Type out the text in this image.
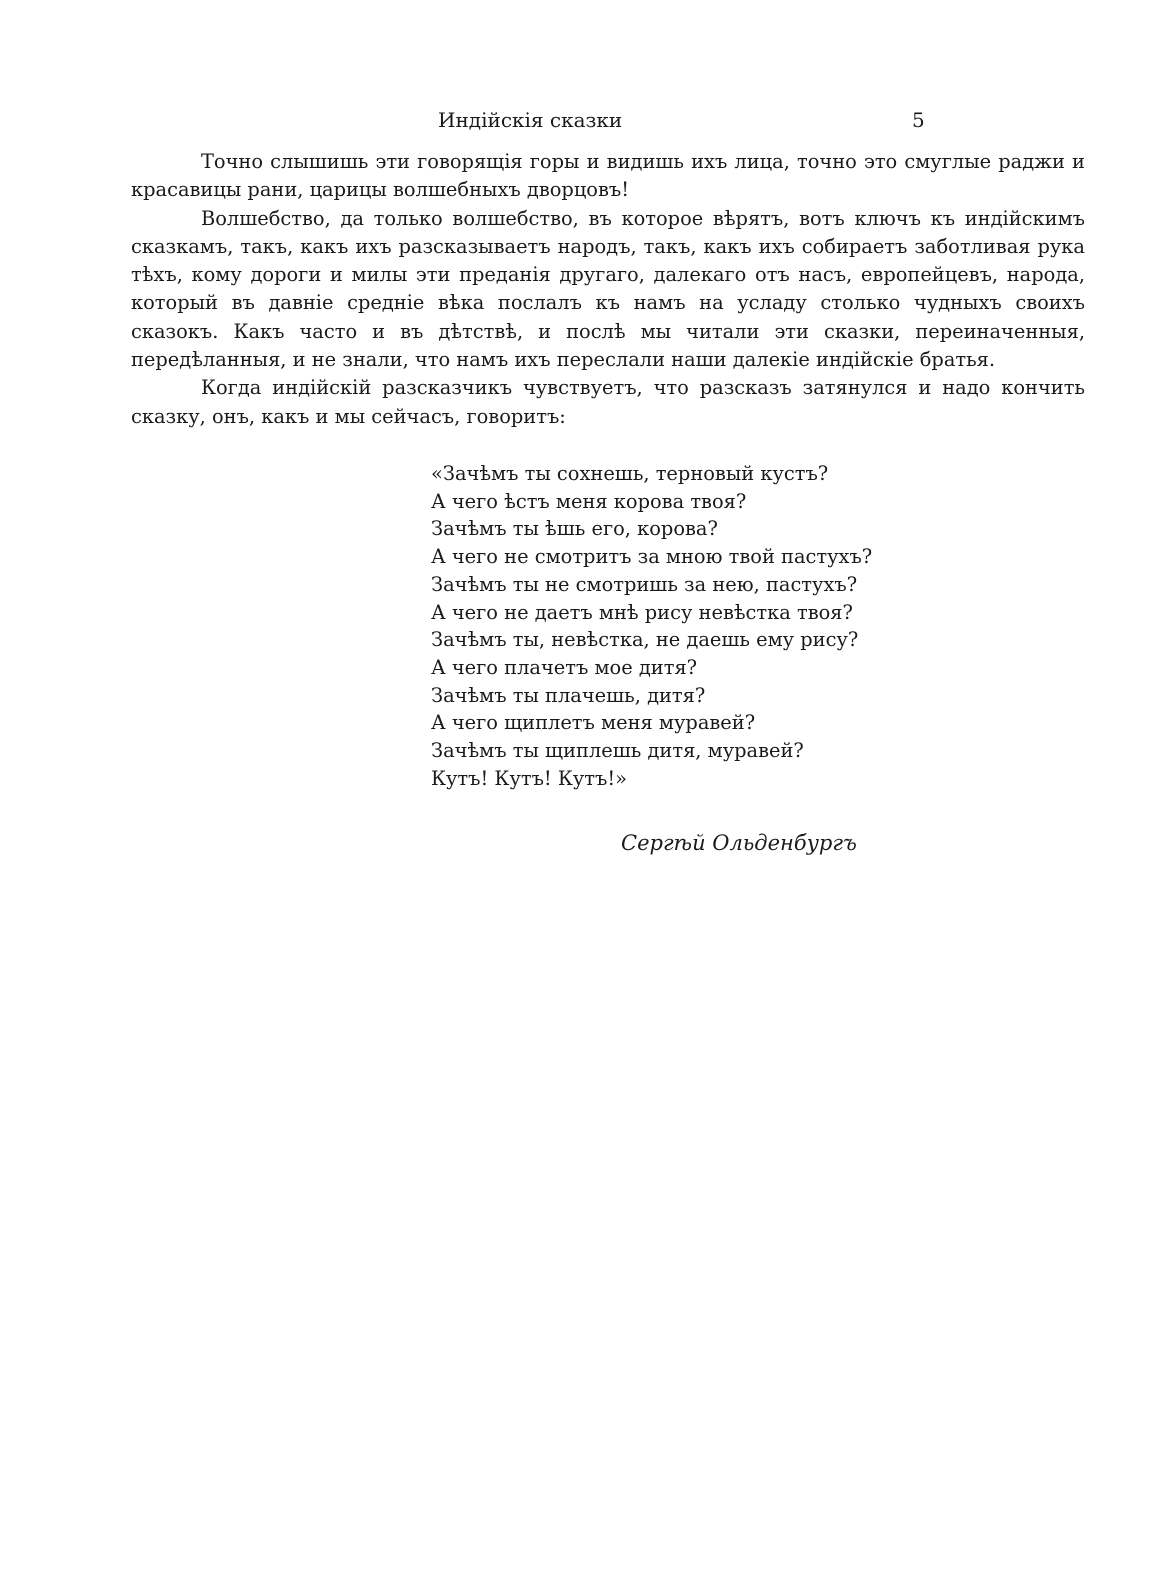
Индійскія сказки	5

Точно слышишь эти говорящія горы и видишь ихъ лица, точно это смуглые раджи и красавицы рани, царицы волшебныхъ дворцовъ!

Волшебство, да только волшебство, въ которое вѣрятъ, вотъ ключъ къ индійскимъ сказкамъ, такъ, какъ ихъ разсказываетъ народъ, такъ, какъ ихъ собираетъ заботливая рука тѣхъ, кому дороги и милы эти преданія другаго, далекаго отъ насъ, европейцевъ, народа, который въ давніе средніе вѣка послалъ къ намъ на усладу столько чудныхъ своихъ сказокъ. Какъ часто и въ дѣтствѣ, и послѣ мы читали эти сказки, переиначенныя, передѣланныя, и не знали, что намъ ихъ переслали наши далекіе индійскіе братья.

Когда индійскій разсказчикъ чувствуетъ, что разсказъ затянулся и надо кончить сказку, онъ, какъ и мы сейчасъ, говоритъ:

«Зачѣмъ ты сохнешь, терновый кустъ?
А чего ѣстъ меня корова твоя?
Зачѣмъ ты ѣшь его, корова?
А чего не смотритъ за мною твой пастухъ?
Зачѣмъ ты не смотришь за нею, пастухъ?
А чего не даетъ мнѣ рису невѣстка твоя?
Зачѣмъ ты, невѣстка, не даешь ему рису?
А чего плачетъ мое дитя?
Зачѣмъ ты плачешь, дитя?
А чего щиплетъ меня муравей?
Зачѣмъ ты щиплешь дитя, муравей?
Кутъ! Кутъ! Кутъ!»
Сергѣй Ольденбургъ
